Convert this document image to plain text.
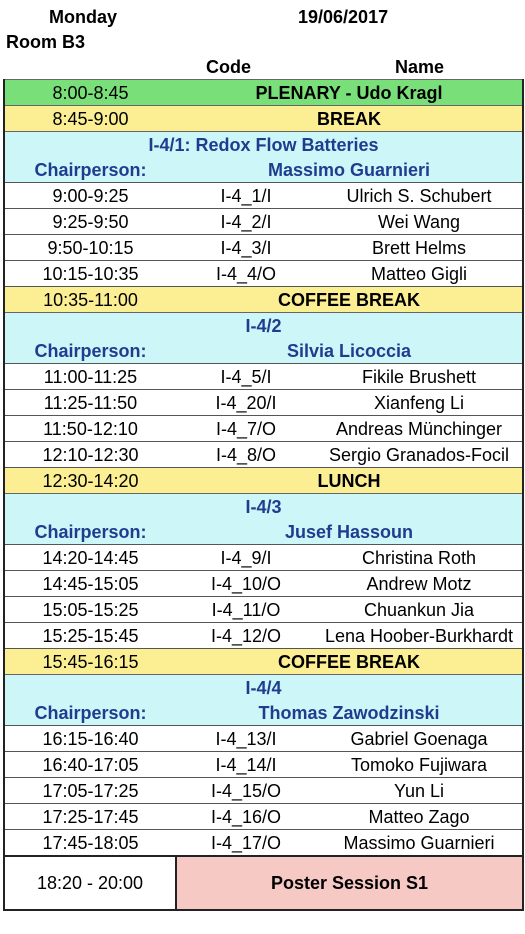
Monday	19/06/2017	
Room B3		
	Code	Name
8:00-8:45	PLENARY - Udo Kragl	
8:45-9:00	BREAK	
I-4/1: Redox Flow Batteries		
Chairperson:	Massimo Guarnieri	
9:00-9:25	I-4_1/I	Ulrich S. Schubert
9:25-9:50	I-4_2/I	Wei Wang
9:50-10:15	I-4_3/I	Brett Helms
10:15-10:35	I-4_4/O	Matteo Gigli
10:35-11:00	COFFEE BREAK	
I-4/2		
Chairperson:	Silvia Licoccia	
11:00-11:25	I-4_5/I	Fikile Brushett
11:25-11:50	I-4_20/I	Xianfeng Li
11:50-12:10	I-4_7/O	Andreas Münchinger
12:10-12:30	I-4_8/O	Sergio Granados-Focil
12:30-14:20	LUNCH	
I-4/3		
Chairperson:	Jusef Hassoun	
14:20-14:45	I-4_9/I	Christina Roth
14:45-15:05	I-4_10/O	Andrew Motz
15:05-15:25	I-4_11/O	Chuankun Jia
15:25-15:45	I-4_12/O	Lena Hoober-Burkhardt
15:45-16:15	COFFEE BREAK	
I-4/4		
Chairperson:	Thomas Zawodzinski	
16:15-16:40	I-4_13/I	Gabriel Goenaga
16:40-17:05	I-4_14/I	Tomoko Fujiwara
17:05-17:25	I-4_15/O	Yun Li
17:25-17:45	I-4_16/O	Matteo Zago
17:45-18:05	I-4_17/O	Massimo Guarnieri
18:20 - 20:00	Poster Session S1	
